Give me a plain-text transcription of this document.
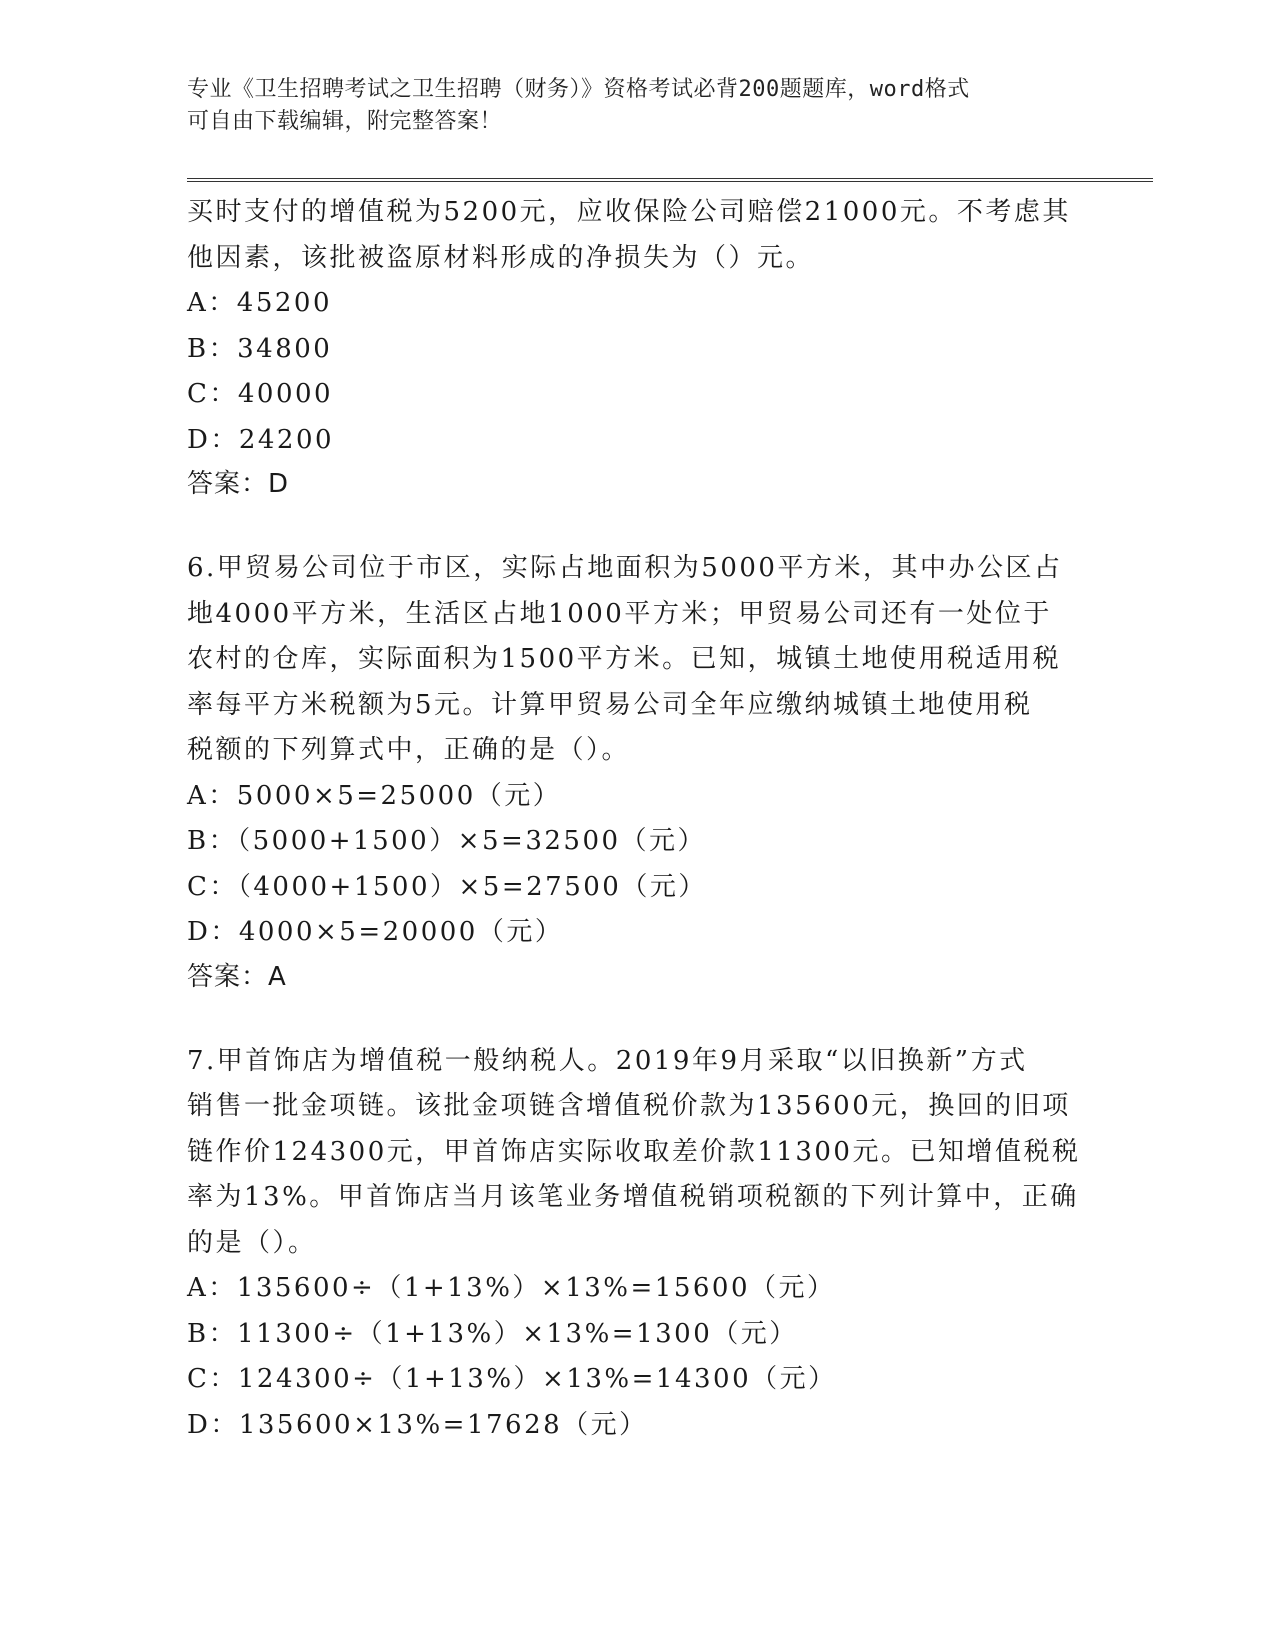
专业《卫生招聘考试之卫生招聘（财务）》资格考试必背200题题库，word格式
可自由下载编辑，附完整答案！

买时支付的增值税为5200元，应收保险公司赔偿21000元。不考虑其

他因素，该批被盗原材料形成的净损失为（）元。

A：45200

B：34800

C：40000

D：24200

答案：D

6.甲贸易公司位于市区，实际占地面积为5000平方米，其中办公区占

地4000平方米，生活区占地1000平方米；甲贸易公司还有一处位于

农村的仓库，实际面积为1500平方米。已知，城镇土地使用税适用税

率每平方米税额为5元。计算甲贸易公司全年应缴纳城镇土地使用税

税额的下列算式中，正确的是（）。

A：5000×5=25000（元）

B：（5000+1500）×5=32500（元）

C：（4000+1500）×5=27500（元）

D：4000×5=20000（元）

答案：A

7.甲首饰店为增值税一般纳税人。2019年9月采取“以旧换新”方式

销售一批金项链。该批金项链含增值税价款为135600元，换回的旧项

链作价124300元，甲首饰店实际收取差价款11300元。已知增值税税

率为13%。甲首饰店当月该笔业务增值税销项税额的下列计算中，正确

的是（）。

A：135600÷（1+13%）×13%=15600（元）

B：11300÷（1+13%）×13%=1300（元）

C：124300÷（1+13%）×13%=14300（元）

D：135600×13%=17628（元）
